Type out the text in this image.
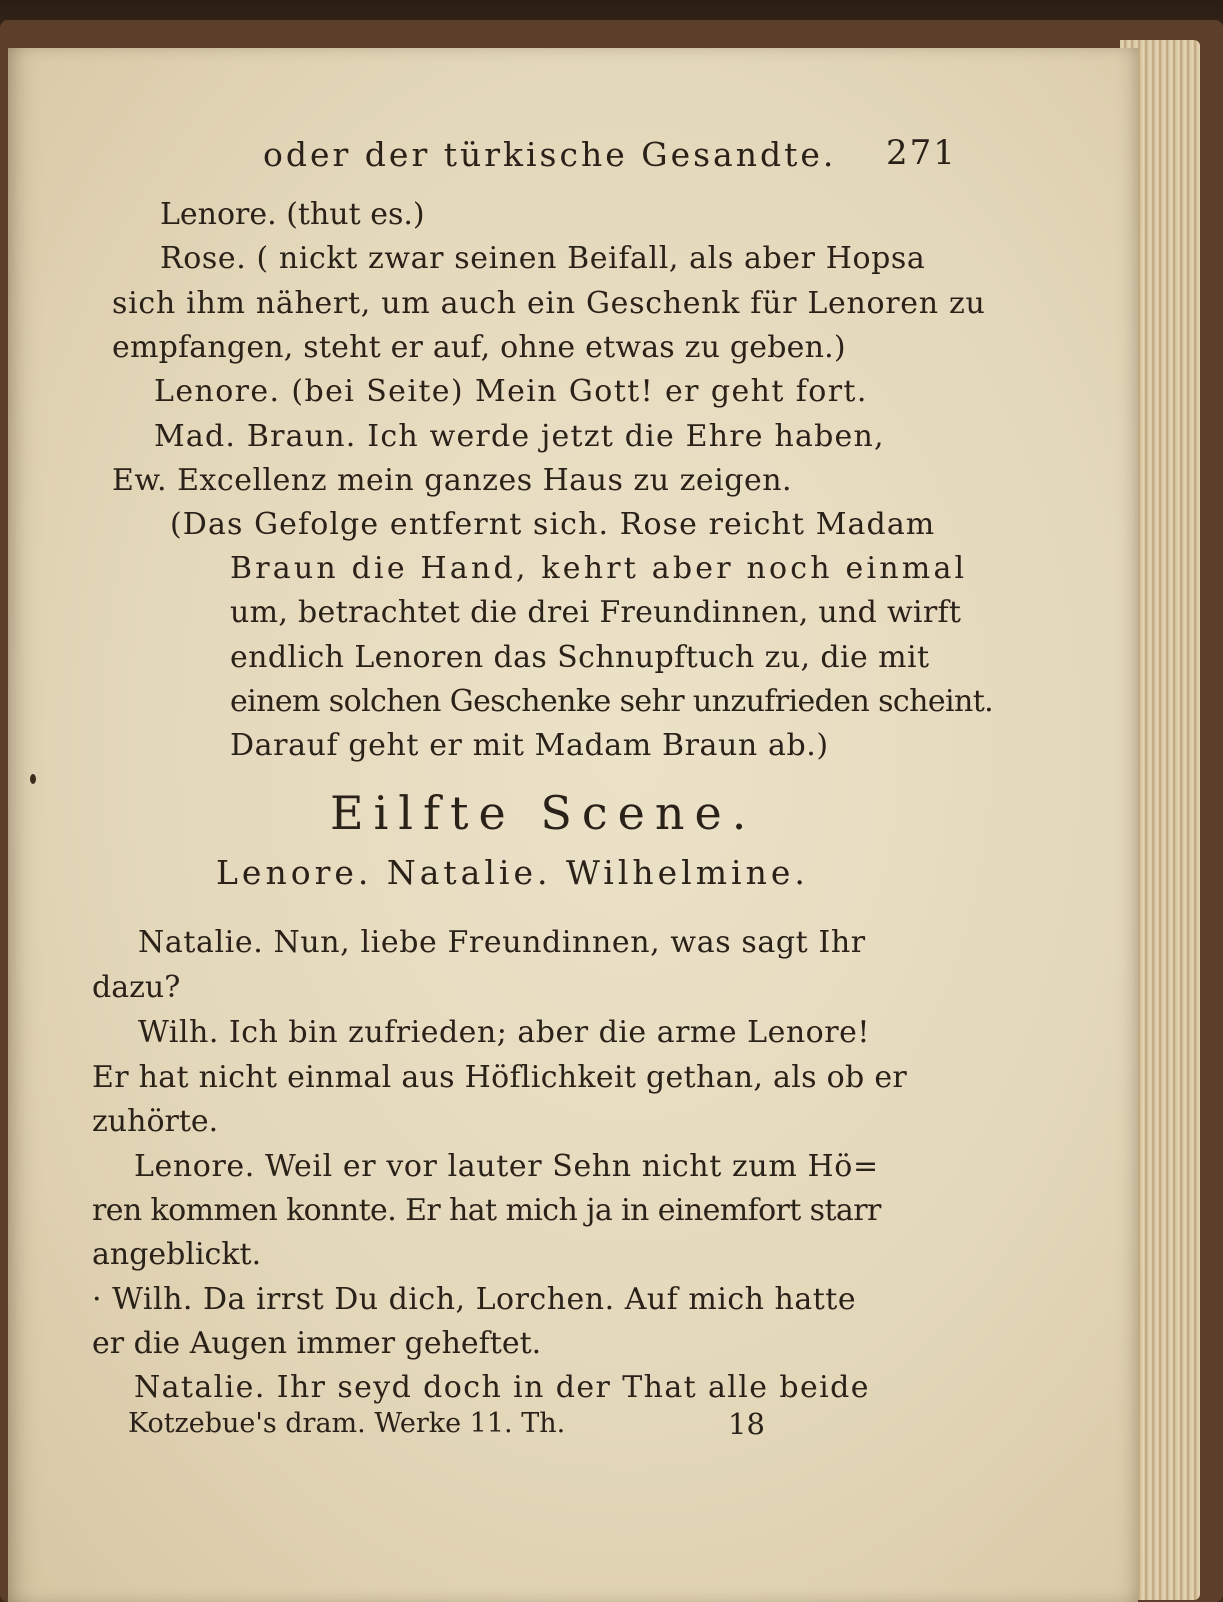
oder der türkische Gesandte. 271
Lenore. (thut es.)
Rose. ( nickt zwar seinen Beifall, als aber Hopsa
sich ihm nähert, um auch ein Geschenk für Lenoren zu
empfangen, steht er auf, ohne etwas zu geben.)
Lenore. (bei Seite) Mein Gott! er geht fort.
Mad. Braun. Ich werde jetzt die Ehre haben,
Ew. Excellenz mein ganzes Haus zu zeigen.
(Das Gefolge entfernt sich. Rose reicht Madam
Braun die Hand, kehrt aber noch einmal
um, betrachtet die drei Freundinnen, und wirft
endlich Lenoren das Schnupftuch zu, die mit
einem solchen Geschenke sehr unzufrieden scheint.
Darauf geht er mit Madam Braun ab.)
Eilfte Scene.
Lenore. Natalie. Wilhelmine.
Natalie. Nun, liebe Freundinnen, was sagt Ihr
dazu?
Wilh. Ich bin zufrieden; aber die arme Lenore!
Er hat nicht einmal aus Höflichkeit gethan, als ob er
zuhörte.
Lenore. Weil er vor lauter Sehn nicht zum Hö=
ren kommen konnte. Er hat mich ja in einemfort starr
angeblickt.
· Wilh. Da irrst Du dich, Lorchen. Auf mich hatte
er die Augen immer geheftet.
Natalie. Ihr seyd doch in der That alle beide
Kotzebue's dram. Werke 11. Th.	18
